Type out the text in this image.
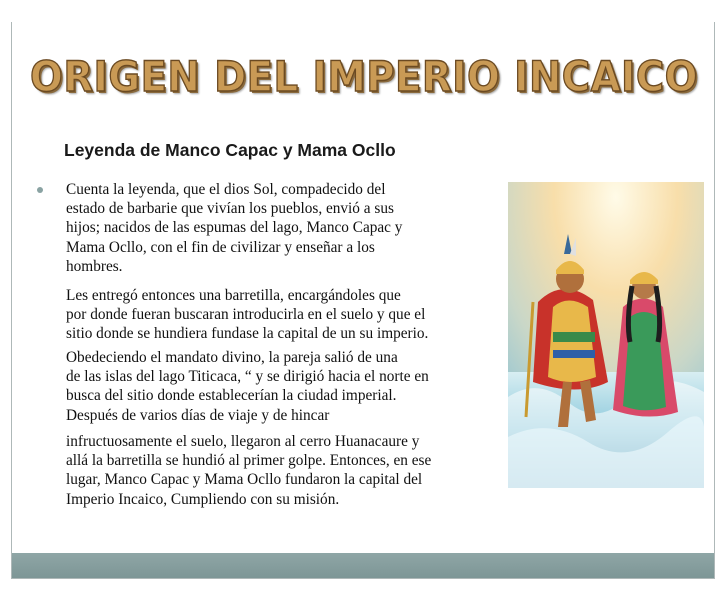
ORIGEN DEL IMPERIO INCAICO
Leyenda de Manco Capac y Mama Ocllo

Cuenta la leyenda, que el dios Sol, compadecido del
estado de barbarie que vivían los pueblos, envió a sus
hijos; nacidos de las espumas del lago, Manco Capac y
Mama Ocllo, con el fin de civilizar y enseñar a los
hombres.

Les entregó entonces una barretilla, encargándoles que
por donde fueran buscaran introducirla en el suelo y que el
sitio donde se hundiera fundase la capital de un su imperio.

Obedeciendo el mandato divino, la pareja salió de una
de las islas del lago Titicaca, “ y se dirigió hacia el norte en
busca del sitio donde establecerían la ciudad imperial.
Después de varios días de viaje y de hincar

infructuosamente el suelo, llegaron al cerro Huanacaure y
allá la barretilla se hundió al primer golpe. Entonces, en ese
lugar, Manco Capac y Mama Ocllo fundaron la capital del
Imperio Incaico, Cumpliendo con su misión.
